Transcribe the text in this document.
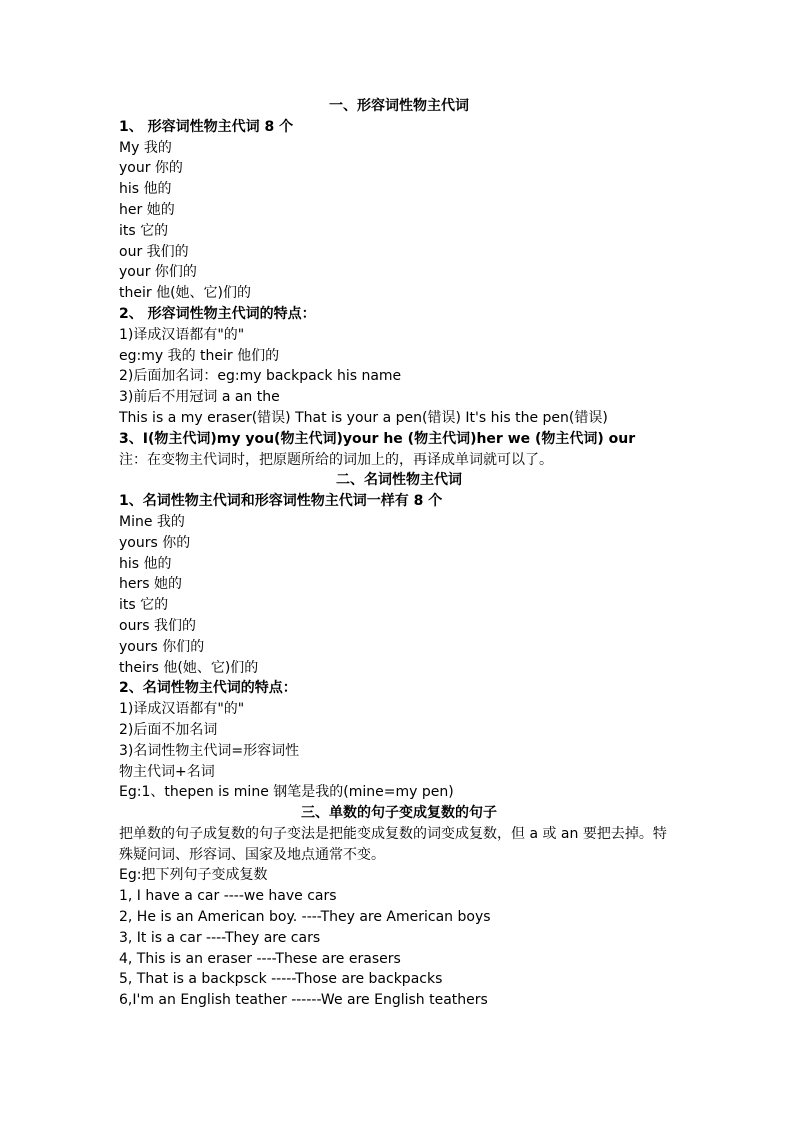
一、形容词性物主代词
1、 形容词性物主代词 8 个
My 我的
your 你的
his 他的
her 她的
its 它的
our 我们的
your 你们的
their 他(她、它)们的
2、 形容词性物主代词的特点：
1)译成汉语都有"的"
eg:my 我的 their 他们的
2)后面加名词：eg:my backpack his name
3)前后不用冠词 a an the
This is a my eraser(错误) That is your a pen(错误) It's his the pen(错误)
3、I(物主代词)my you(物主代词)your he (物主代词)her we (物主代词) our
注：在变物主代词时，把原题所给的词加上的，再译成单词就可以了。
二、名词性物主代词
1、名词性物主代词和形容词性物主代词一样有 8 个
Mine 我的
yours 你的
his 他的
hers 她的
its 它的
ours 我们的
yours 你们的
theirs 他(她、它)们的
2、名词性物主代词的特点：
1)译成汉语都有"的"
2)后面不加名词
3)名词性物主代词=形容词性
物主代词+名词
Eg:1、thepen is mine 钢笔是我的(mine=my pen)
三、单数的句子变成复数的句子
把单数的句子成复数的句子变法是把能变成复数的词变成复数，但 a 或 an 要把去掉。特殊疑问词、形容词、国家及地点通常不变。
Eg:把下列句子变成复数
1, I have a car ----we have cars
2, He is an American boy. ----They are American boys
3, It is a car ----They are cars
4, This is an eraser ----These are erasers
5, That is a backpsck -----Those are backpacks
6,I'm an English teather ------We are English teathers
